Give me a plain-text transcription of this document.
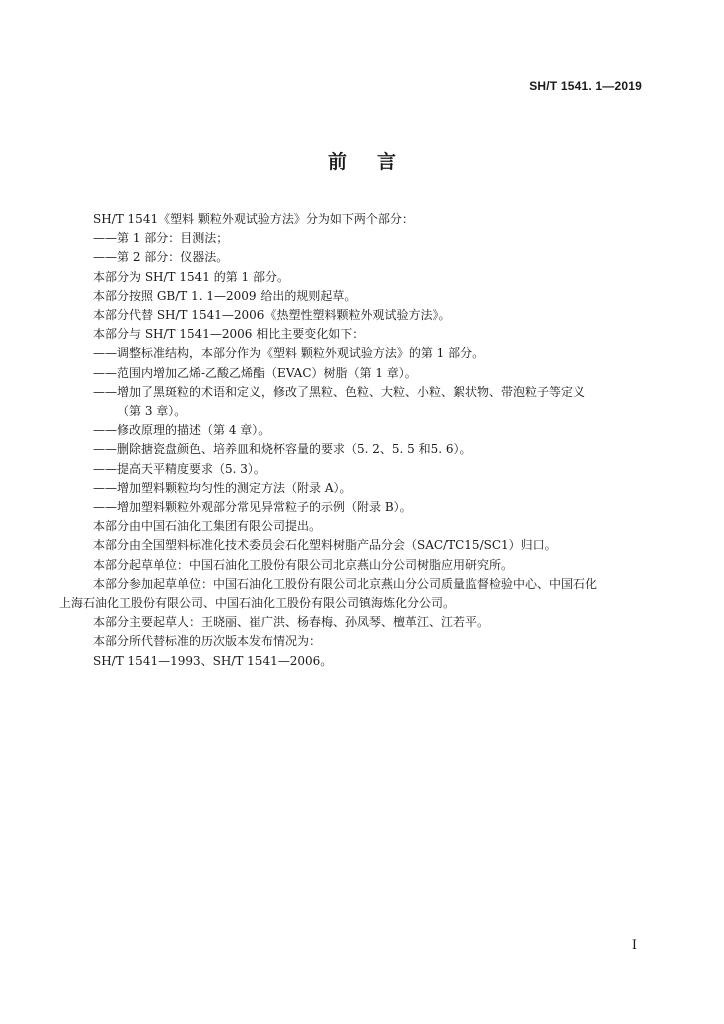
SH/T 1541. 1—2019
前言
SH/T 1541《塑料 颗粒外观试验方法》分为如下两个部分：
——第 1 部分：目测法；
——第 2 部分：仪器法。
本部分为 SH/T 1541 的第 1 部分。
本部分按照 GB/T 1. 1—2009 给出的规则起草。
本部分代替 SH/T 1541—2006《热塑性塑料颗粒外观试验方法》。
本部分与 SH/T 1541—2006 相比主要变化如下：
——调整标准结构，本部分作为《塑料 颗粒外观试验方法》的第 1 部分。
——范围内增加乙烯-乙酸乙烯酯（EVAC）树脂（第 1 章）。
——增加了黑斑粒的术语和定义，修改了黑粒、色粒、大粒、小粒、絮状物、带泡粒子等定义
（第 3 章）。
——修改原理的描述（第 4 章）。
——删除搪瓷盘颜色、培养皿和烧杯容量的要求（5. 2、5. 5 和5. 6）。
——提高天平精度要求（5. 3）。
——增加塑料颗粒均匀性的测定方法（附录 A）。
——增加塑料颗粒外观部分常见异常粒子的示例（附录 B）。
本部分由中国石油化工集团有限公司提出。
本部分由全国塑料标准化技术委员会石化塑料树脂产品分会（SAC/TC15/SC1）归口。
本部分起草单位：中国石油化工股份有限公司北京燕山分公司树脂应用研究所。
本部分参加起草单位：中国石油化工股份有限公司北京燕山分公司质量监督检验中心、中国石化
上海石油化工股份有限公司、中国石油化工股份有限公司镇海炼化分公司。
本部分主要起草人：王晓丽、崔广洪、杨春梅、孙凤琴、檀革江、江若平。
本部分所代替标准的历次版本发布情况为：
SH/T 1541—1993、SH/T 1541—2006。
I
